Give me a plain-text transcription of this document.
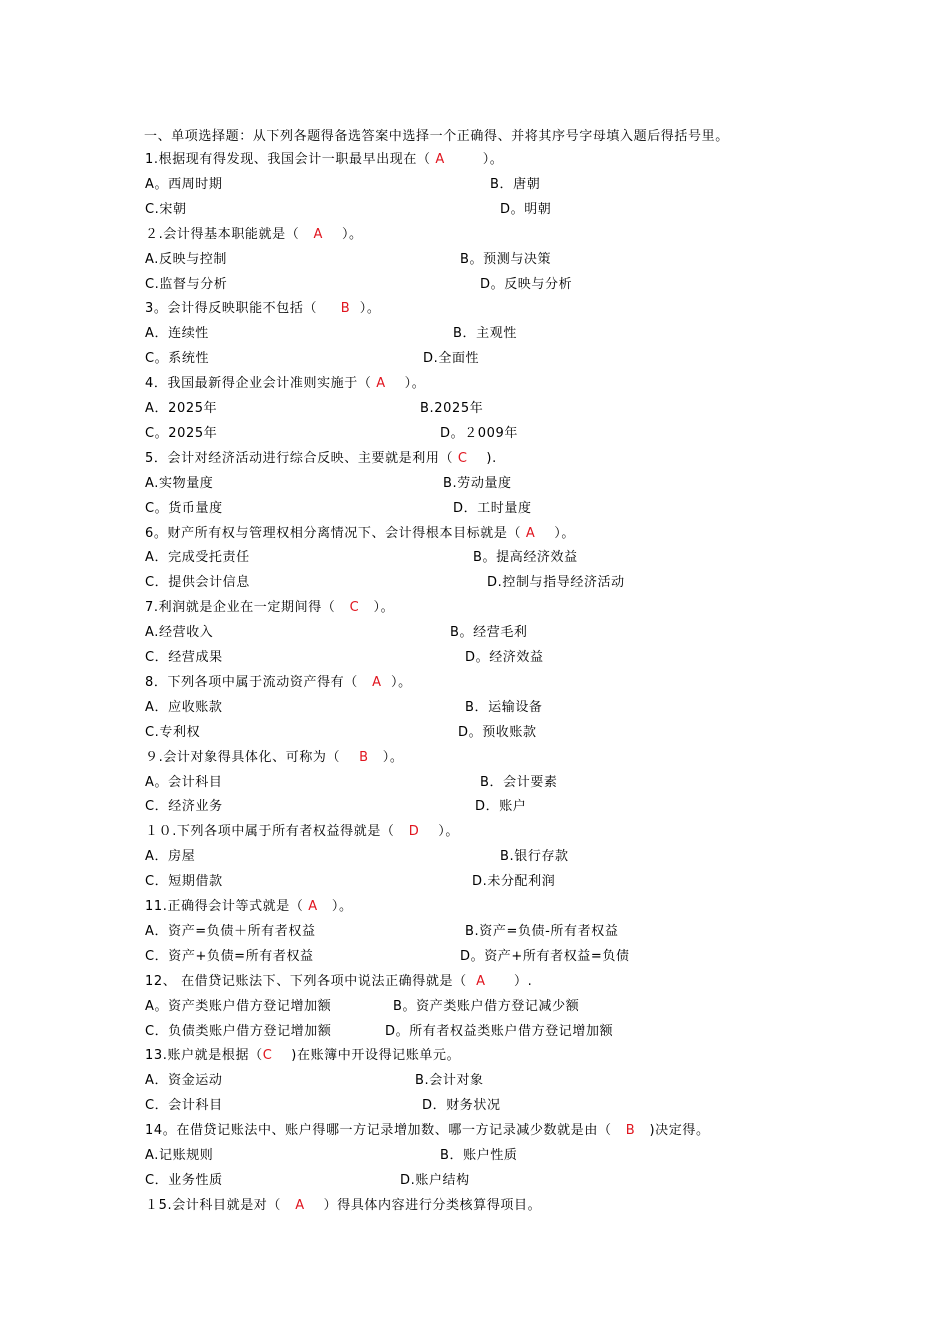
一、单项选择题：从下列各题得备选答案中选择一个正确得、并将其序号字母填入题后得括号里。

1.根据现有得发现、我国会计一职最早出现在（ A        ）。
A。西周时期	B．唐朝
C.宋朝	D。明朝
２.会计得基本职能就是（   A    ）。
A.反映与控制	B。预测与决策
C.监督与分析	D。反映与分析
3。会计得反映职能不包括（     B  ）。
A．连续性	B．主观性
C。系统性	D.全面性
4．我国最新得企业会计准则实施于（ A    ）。
A．2025年	B.2025年
C。2025年	D。２009年
5．会计对经济活动进行综合反映、主要就是利用（ C    ).
A.实物量度	B.劳动量度
C。货币量度	D．工时量度
6。财产所有权与管理权相分离情况下、会计得根本目标就是（ A    ）。
A．完成受托责任	B。提高经济效益
C．提供会计信息	D.控制与指导经济活动
7.利润就是企业在一定期间得（   C   ）。
A.经营收入	B。经营毛利
C．经营成果	D。经济效益
8．下列各项中属于流动资产得有（   A  ）。
A．应收账款	B．运输设备
C.专利权	D。预收账款
９.会计对象得具体化、可称为（    B   ）。
A。会计科目	B．会计要素
C．经济业务	D．账户
１０.下列各项中属于所有者权益得就是（   D    ）。
A．房屋	B.银行存款
C．短期借款	D.未分配利润
11.正确得会计等式就是（ A   ）。
A．资产=负债＋所有者权益	B.资产=负债-所有者权益
C．资产+负债=所有者权益	D。资产+所有者权益=负债
12、 在借贷记账法下、下列各项中说法正确得就是（  A      ）.
A。资产类账户借方登记增加额	B。资产类账户借方登记减少额
C．负债类账户借方登记增加额	D。所有者权益类账户借方登记增加额
13.账户就是根据（C    )在账簿中开设得记账单元。
A．资金运动	B.会计对象
C．会计科目	D．财务状况
14。在借贷记账法中、账户得哪一方记录增加数、哪一方记录减少数就是由（   B   )决定得。
A.记账规则	B．账户性质
C．业务性质	D.账户结构
１5.会计科目就是对（   A    ）得具体内容进行分类核算得项目。
